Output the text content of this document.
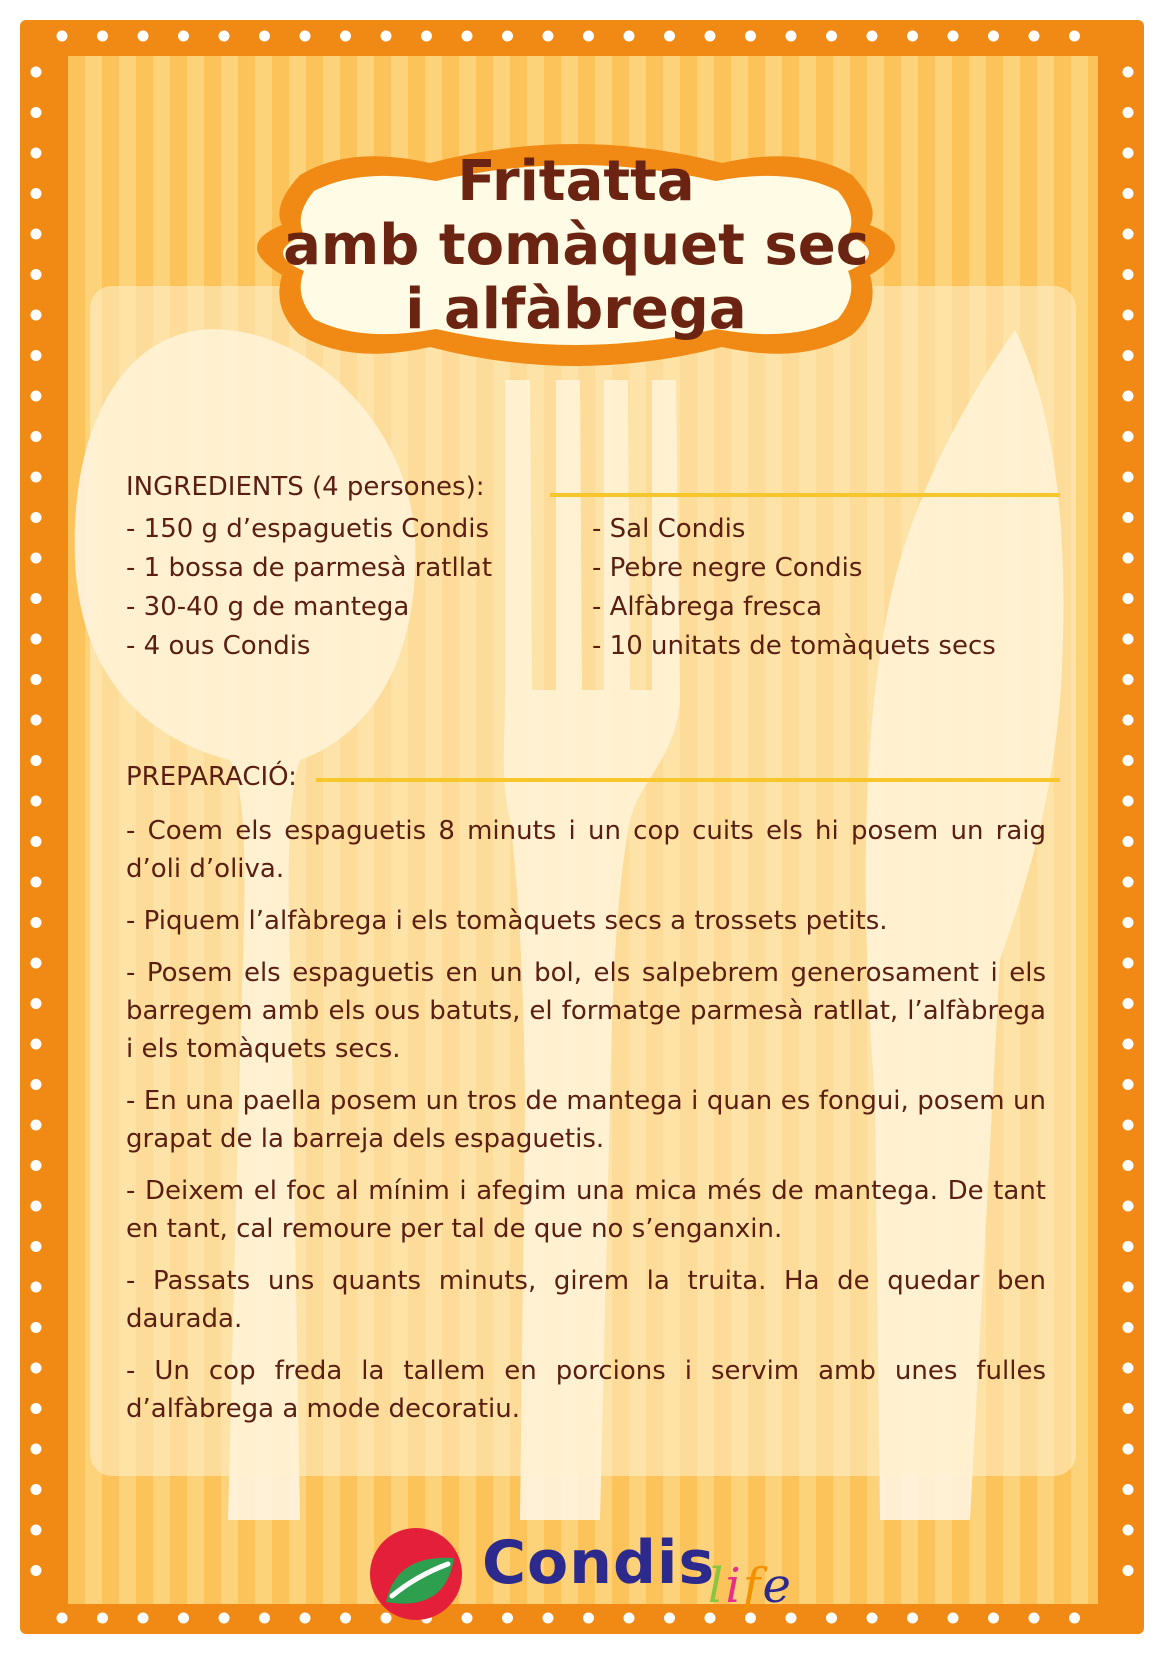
Fritatta
amb tomàquet sec
i alfàbrega
INGREDIENTS (4 persones):
- 150 g d’espaguetis Condis
- 1 bossa de parmesà ratllat
- 30-40 g de mantega
- 4 ous Condis
- Sal Condis
- Pebre negre Condis
- Alfàbrega fresca
- 10 unitats de tomàquets secs
PREPARACIÓ:

- Coem els espaguetis 8 minuts i un cop cuits els hi posem un raig d’oli d’oliva.

- Piquem l’alfàbrega i els tomàquets secs a trossets petits.

- Posem els espaguetis en un bol, els salpebrem generosament i els barregem amb els ous batuts, el formatge parmesà ratllat, l’alfàbrega i els tomàquets secs.

- En una paella posem un tros de mantega i quan es fongui, posem un grapat de la barreja dels espaguetis.

- Deixem el foc al mínim i afegim una mica més de mantega. De tant en tant, cal remoure per tal de que no s’enganxin.

- Passats uns quants minuts, girem la truita. Ha de quedar ben daurada.

- Un cop freda la tallem en porcions i servim amb unes fulles d’alfàbrega a mode decoratiu.

Condis
life
